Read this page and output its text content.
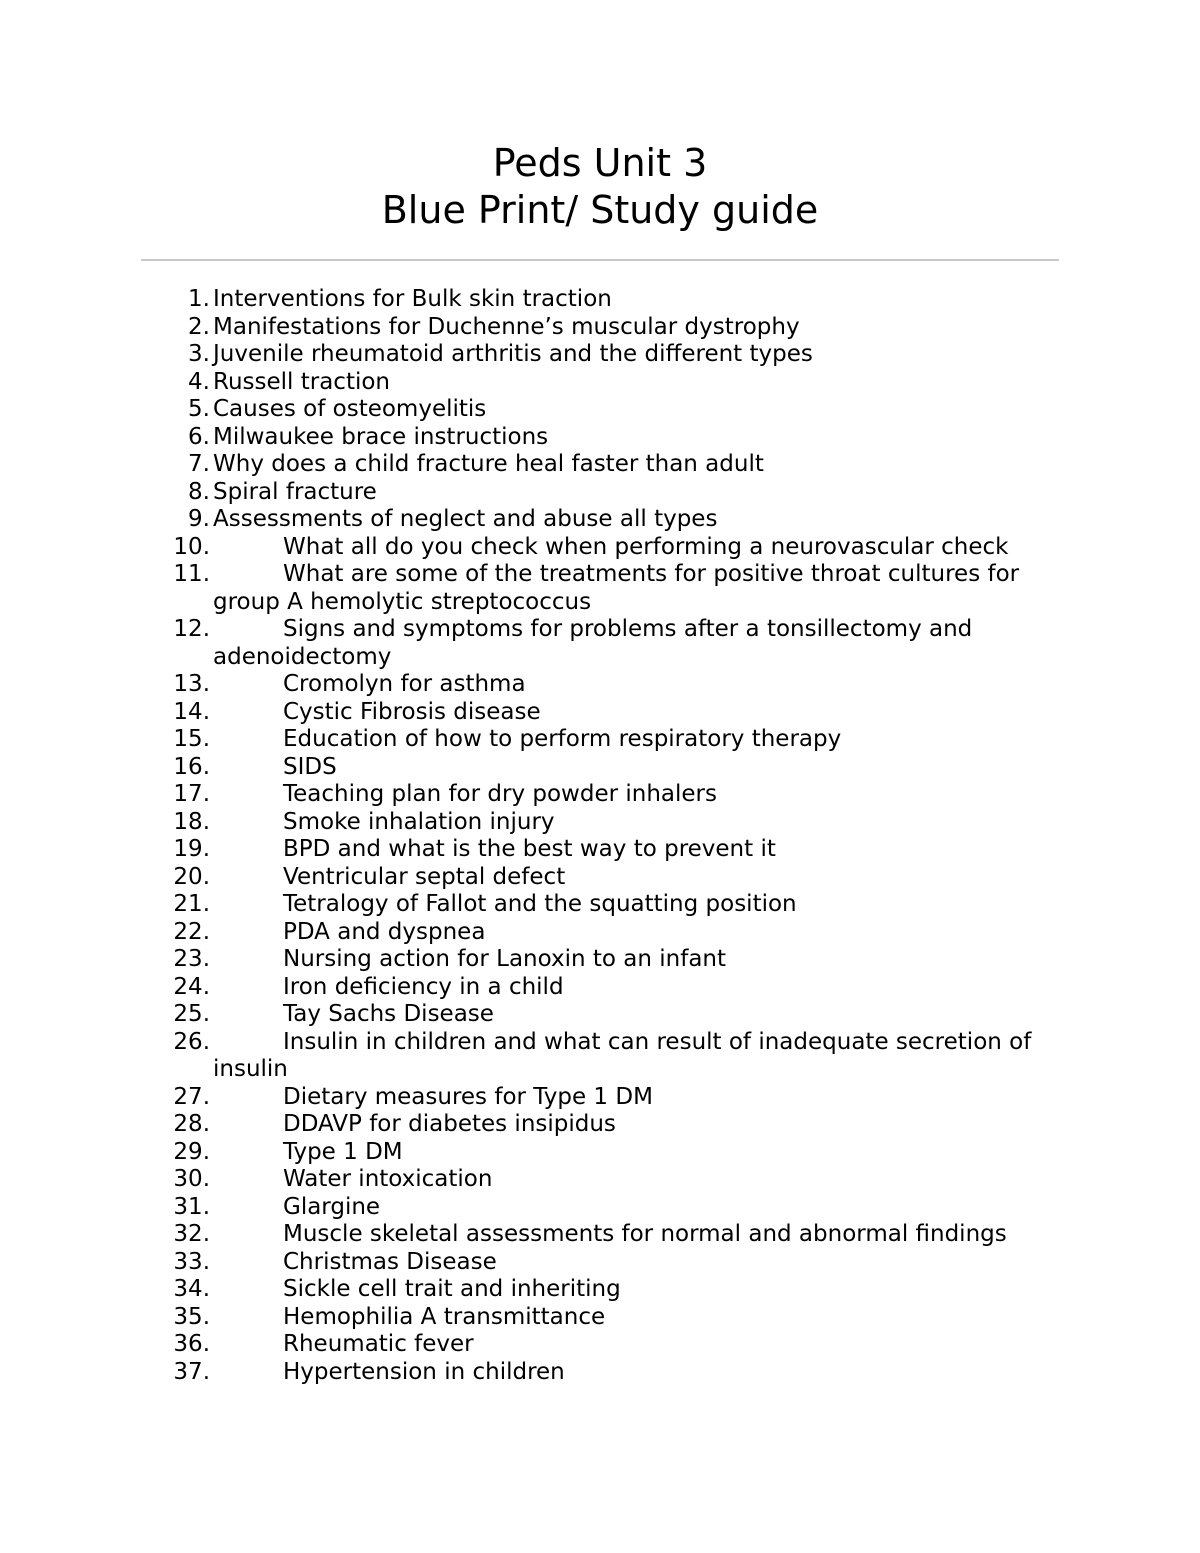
Peds Unit 3
Blue Print/ Study guide
1. Interventions for Bulk skin traction
2. Manifestations for Duchenne’s muscular dystrophy
3. Juvenile rheumatoid arthritis and the different types
4. Russell traction
5. Causes of osteomyelitis
6. Milwaukee brace instructions
7. Why does a child fracture heal faster than adult
8. Spiral fracture
9. Assessments of neglect and abuse all types
10.	What all do you check when performing a neurovascular check
11.	What are some of the treatments for positive throat cultures for group A hemolytic streptococcus
12.	Signs and symptoms for problems after a tonsillectomy and adenoidectomy
13.	Cromolyn for asthma
14.	Cystic Fibrosis disease
15.	Education of how to perform respiratory therapy
16.	SIDS
17.	Teaching plan for dry powder inhalers
18.	Smoke inhalation injury
19.	BPD and what is the best way to prevent it
20.	Ventricular septal defect
21.	Tetralogy of Fallot and the squatting position
22.	PDA and dyspnea
23.	Nursing action for Lanoxin to an infant
24.	Iron deficiency in a child
25.	Tay Sachs Disease
26.	Insulin in children and what can result of inadequate secretion of insulin
27.	Dietary measures for Type 1 DM
28.	DDAVP for diabetes insipidus
29.	Type 1 DM
30.	Water intoxication
31.	Glargine
32.	Muscle skeletal assessments for normal and abnormal findings
33.	Christmas Disease
34.	Sickle cell trait and inheriting
35.	Hemophilia A transmittance
36.	Rheumatic fever
37.	Hypertension in children
